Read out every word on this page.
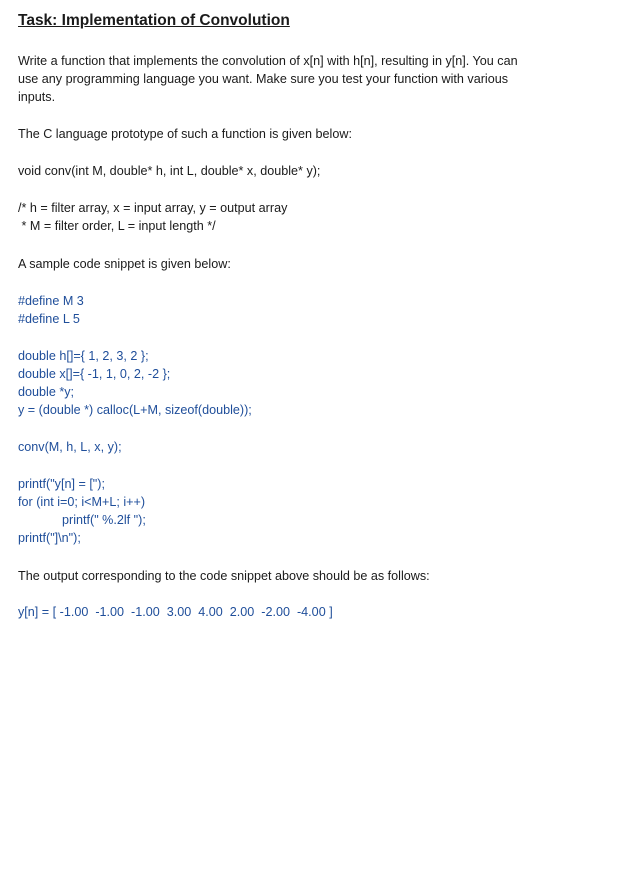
Task: Implementation of Convolution
Write a function that implements the convolution of x[n] with h[n], resulting in y[n]. You can
use any programming language you want. Make sure you test your function with various
inputs.
The C language prototype of such a function is given below:
void conv(int M, double* h, int L, double* x, double* y);
/* h = filter array, x = input array, y = output array
* M = filter order, L = input length */
A sample code snippet is given below:
#define M 3
#define L 5
double h[]={ 1, 2, 3, 2 };
double x[]={ -1, 1, 0, 2, -2 };
double *y;
y = (double *) calloc(L+M, sizeof(double));
conv(M, h, L, x, y);
printf("y[n] = [");
for (int i=0; i<M+L; i++)
printf(" %.2lf ");
printf("]\n");
The output corresponding to the code snippet above should be as follows:
y[n] = [ -1.00  -1.00  -1.00  3.00  4.00  2.00  -2.00  -4.00 ]
